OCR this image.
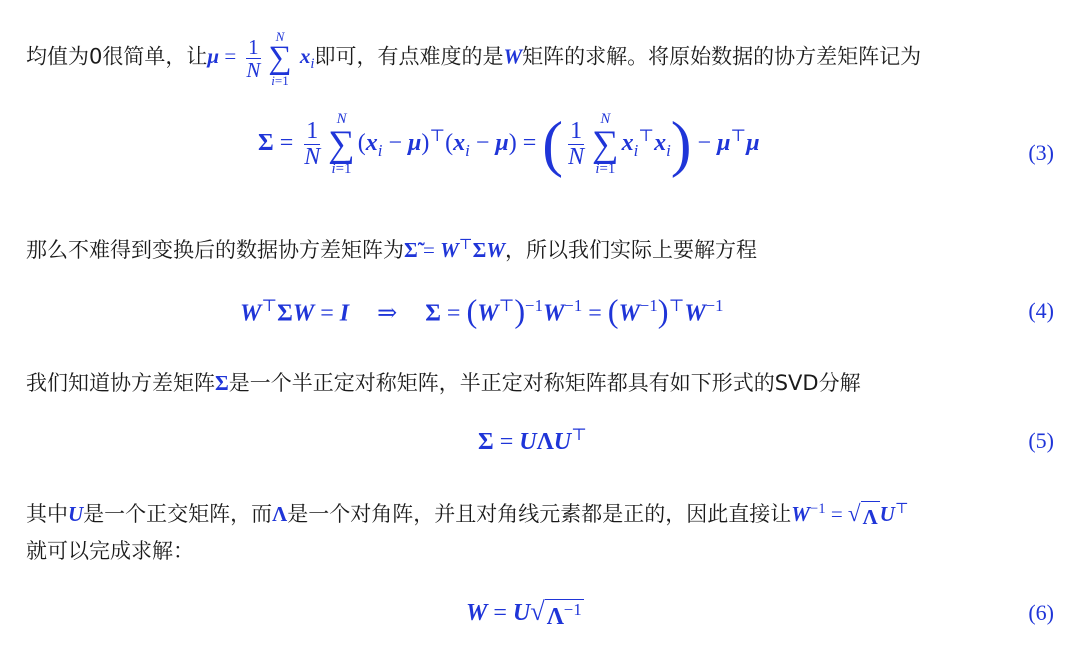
均值为0很简单，让$\mu = \frac{1}{N}$ N
∑
i=1
$x_i$即可，有点难度的是W矩阵的求解。将原始数据的协方差矩阵记为
$\Sigma = \frac{1}{N}$ N
∑
i=1
$(x_i - \mu)^⊤(x_i - \mu)$ = ( $\frac{1}{N}$ N
∑
i=1
$x_i^⊤x_i) - \mu^⊤\mu$	(3)
那么不难得到变换后的数据协方差矩阵为Σ̃ = W⊤ΣW，所以我们实际上要解方程
W⊤ΣW = I ⇒ $\Sigma = (W^⊤)^{-1}W^{-1} = (W^{-1})^⊤W^{-1}$	(4)
我们知道协方差矩阵Σ是一个半正定对称矩阵，半正定对称矩阵都具有如下形式的SVD分解
Σ = UΛU⊤	(5)
其中U是一个正交矩阵，而Λ是一个对角阵，并且对角线元素都是正的，因此直接让$W^{-1}$ = √ Λ U⊤
就可以完成求解：
W = U √ $\Lambda^{-1}$	(6)
